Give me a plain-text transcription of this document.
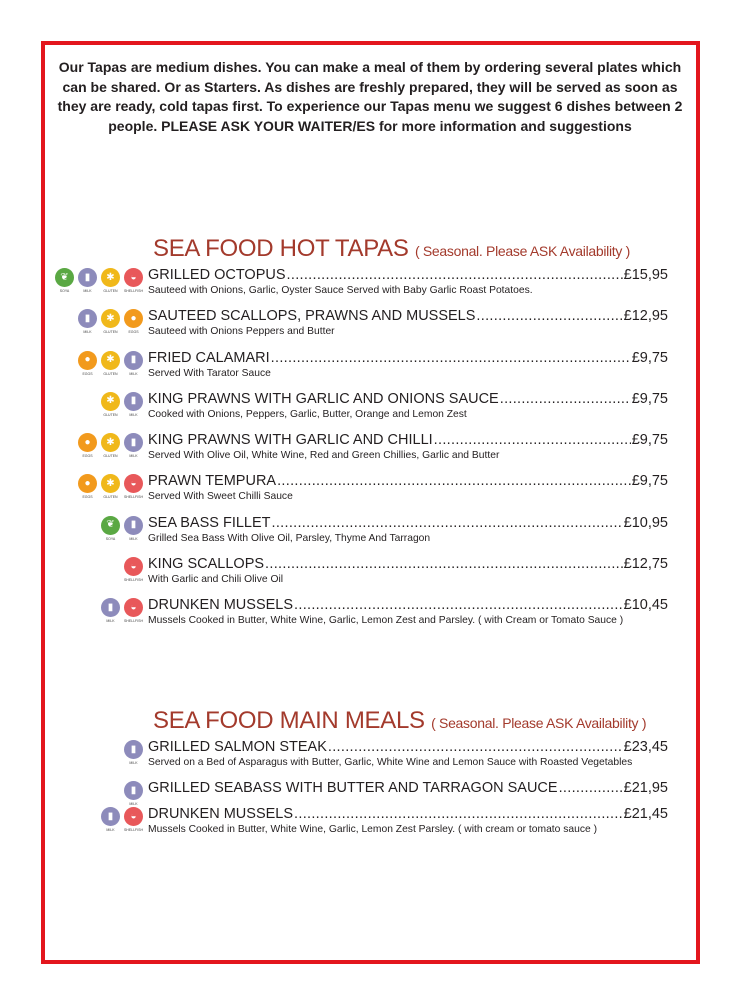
Our Tapas are medium dishes. You can make a meal of them by ordering several plates which can be shared. Or as Starters. As dishes are freshly prepared, they will be served as soon as they are ready, cold tapas first. To experience our Tapas menu we suggest 6 dishes between 2 people. PLEASE ASK YOUR WAITER/ES for more information and suggestions
SEA FOOD HOT TAPAS ( Seasonal. Please ASK Availability )
❦
SOYA
▮
MILK
✱
GLUTEN
◒
SHELLFISH
GRILLED OCTOPUS .....	£15,95
Sauteed with Onions, Garlic, Oyster Sauce Served with Baby Garlic Roast Potatoes.
▮
MILK
✱
GLUTEN
●
EGGS
SAUTEED SCALLOPS, PRAWNS AND MUSSELS .....	£12,95
Sauteed with Onions Peppers and Butter
●
EGGS
✱
GLUTEN
▮
MILK
FRIED CALAMARI .....	£9,75
Served With Tarator Sauce
✱
GLUTEN
▮
MILK
KING PRAWNS WITH GARLIC AND ONIONS SAUCE .....	£9,75
Cooked with Onions, Peppers, Garlic, Butter, Orange and Lemon Zest
●
EGGS
✱
GLUTEN
▮
MILK
KING PRAWNS WITH GARLIC AND CHILLI .....	£9,75
Served With Olive Oil, White Wine, Red and Green Chillies, Garlic and Butter
●
EGGS
✱
GLUTEN
◒
SHELLFISH
PRAWN TEMPURA .....	£9,75
Served With Sweet Chilli Sauce
❦
SOYA
▮
MILK
SEA BASS FILLET .....	£10,95
Grilled Sea Bass With Olive Oil, Parsley, Thyme And Tarragon
◒
SHELLFISH
KING SCALLOPS .....	£12,75
With Garlic and Chili Olive Oil
▮
MILK
◒
SHELLFISH
DRUNKEN MUSSELS .....	£10,45
Mussels Cooked in Butter, White Wine, Garlic, Lemon Zest and Parsley. ( with Cream or Tomato Sauce )
SEA FOOD MAIN MEALS ( Seasonal. Please ASK Availability )
▮
MILK
GRILLED SALMON STEAK .....	£23,45
Served on a Bed of Asparagus with Butter, Garlic, White Wine and Lemon Sauce with Roasted Vegetables
▮
MILK
GRILLED SEABASS WITH BUTTER AND TARRAGON SAUCE .....	£21,95
▮
MILK
◒
SHELLFISH
DRUNKEN MUSSELS .....	£21,45
Mussels Cooked in Butter, White Wine, Garlic, Lemon Zest Parsley. ( with cream or tomato sauce )
